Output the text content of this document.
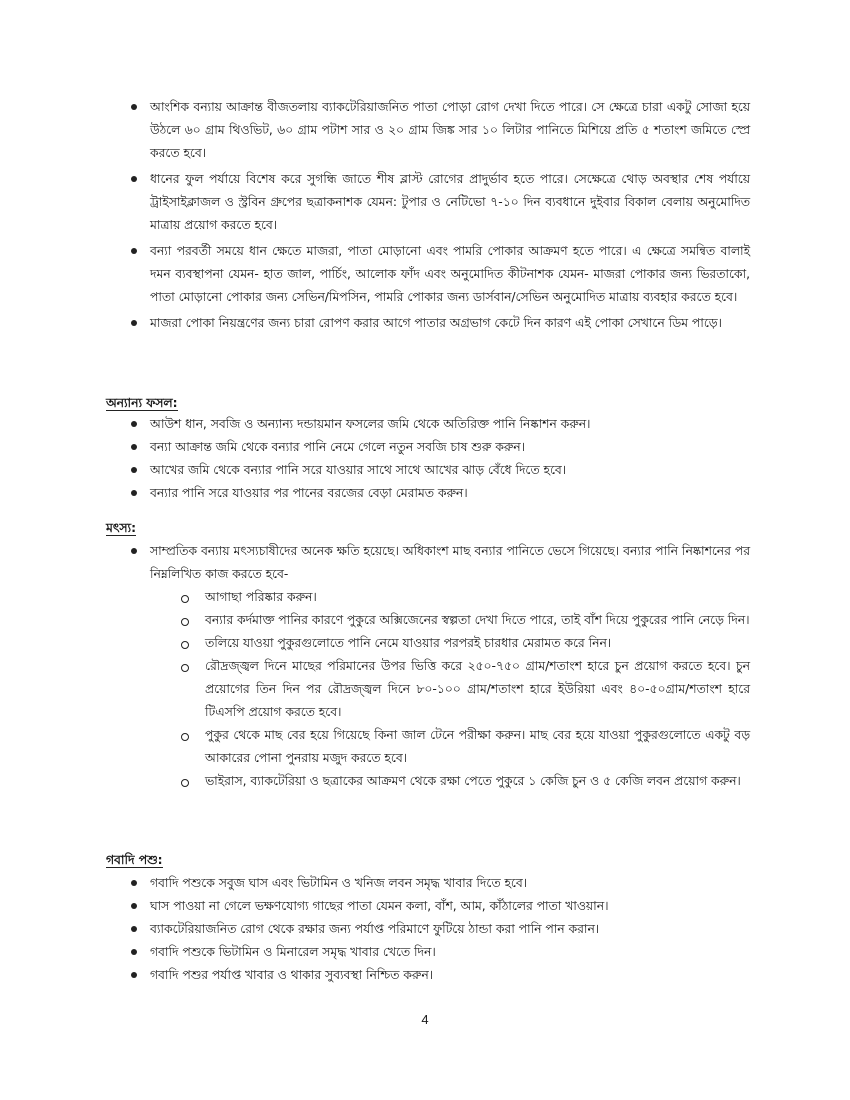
আংশিক বন্যায় আক্রান্ত বীজতলায় ব্যাকটেরিয়াজনিত পাতা পোড়া রোগ দেখা দিতে পারে। সে ক্ষেত্রে চারা একটু সোজা হয়ে উঠলে ৬০ গ্রাম থিওভিট, ৬০ গ্রাম পটাশ সার ও ২০ গ্রাম জিঙ্ক সার ১০ লিটার পানিতে মিশিয়ে প্রতি ৫ শতাংশ জমিতে স্প্রে করতে হবে।
ধানের ফুল পর্যায়ে বিশেষ করে সুগন্ধি জাতে শীষ ব্লাস্ট রোগের প্রাদুর্ভাব হতে পারে। সেক্ষেত্রে থোড় অবস্থার শেষ পর্যায়ে ট্রাইসাইক্লাজল ও স্ট্রবিন গ্রুপের ছত্রাকনাশক যেমন: টুপার ও নেটিভো ৭-১০ দিন ব্যবধানে দুইবার বিকাল বেলায় অনুমোদিত মাত্রায় প্রয়োগ করতে হবে।
বন্যা পরবর্তী সময়ে ধান ক্ষেতে মাজরা, পাতা মোড়ানো এবং পামরি পোকার আক্রমণ হতে পারে। এ ক্ষেত্রে সমন্বিত বালাই দমন ব্যবস্থাপনা যেমন- হাত জাল, পার্চিং, আলোক ফাঁদ এবং অনুমোদিত কীটনাশক যেমন- মাজরা পোকার জন্য ভিরতাকো, পাতা মোড়ানো পোকার জন্য সেভিন/মিপসিন, পামরি পোকার জন্য ডার্সবান/সেভিন অনুমোদিত মাত্রায় ব্যবহার করতে হবে।
মাজরা পোকা নিয়ন্ত্রণের জন্য চারা রোপণ করার আগে পাতার অগ্রভাগ কেটে দিন কারণ এই পোকা সেখানে ডিম পাড়ে।
অন্যান্য ফসল:
আউশ ধান, সবজি ও অন্যান্য দন্ডায়মান ফসলের জমি থেকে অতিরিক্ত পানি নিষ্কাশন করুন।
বন্যা আক্রান্ত জমি থেকে বন্যার পানি নেমে গেলে নতুন সবজি চাষ শুরু করুন।
আখের জমি থেকে বন্যার পানি সরে যাওয়ার সাথে সাথে আখের ঝাড় বেঁধে দিতে হবে।
বন্যার পানি সরে যাওয়ার পর পানের বরজের বেড়া মেরামত করুন।
মৎস্য:
সাম্প্রতিক বন্যায় মৎস্যচাষীদের অনেক ক্ষতি হয়েছে। অধিকাংশ মাছ বন্যার পানিতে ভেসে গিয়েছে। বন্যার পানি নিষ্কাশনের পর নিম্নলিখিত কাজ করতে হবে-
আগাছা পরিষ্কার করুন।
বন্যার কর্দমাক্ত পানির কারণে পুকুরে অক্সিজেনের স্বল্পতা দেখা দিতে পারে, তাই বাঁশ দিয়ে পুকুরের পানি নেড়ে দিন।
তলিয়ে যাওয়া পুকুরগুলোতে পানি নেমে যাওয়ার পরপরই চারধার মেরামত করে নিন।
রৌদ্রজ্জ্বল দিনে মাছের পরিমানের উপর ভিত্তি করে ২৫০-৭৫০ গ্রাম/শতাংশ হারে চুন প্রয়োগ করতে হবে। চুন প্রয়োগের তিন দিন পর রৌদ্রজ্জ্বল দিনে ৮০-১০০ গ্রাম/শতাংশ হারে ইউরিয়া এবং ৪০-৫০গ্রাম/শতাংশ হারে টিএসপি প্রয়োগ করতে হবে।
পুকুর থেকে মাছ বের হয়ে গিয়েছে কিনা জাল টেনে পরীক্ষা করুন। মাছ বের হয়ে যাওয়া পুকুরগুলোতে একটু বড় আকারের পোনা পুনরায় মজুদ করতে হবে।
ভাইরাস, ব্যাকটেরিয়া ও ছত্রাকের আক্রমণ থেকে রক্ষা পেতে পুকুরে ১ কেজি চুন ও ৫ কেজি লবন প্রয়োগ করুন।
গবাদি পশু:
গবাদি পশুকে সবুজ ঘাস এবং ভিটামিন ও খনিজ লবন সমৃদ্ধ খাবার দিতে হবে।
ঘাস পাওয়া না গেলে ভক্ষণযোগ্য গাছের পাতা যেমন কলা, বাঁশ, আম, কাঁঠালের পাতা খাওয়ান।
ব্যাকটেরিয়াজনিত রোগ থেকে রক্ষার জন্য পর্যাপ্ত পরিমাণে ফুটিয়ে ঠান্ডা করা পানি পান করান।
গবাদি পশুকে ভিটামিন ও মিনারেল সমৃদ্ধ খাবার খেতে দিন।
গবাদি পশুর পর্যাপ্ত খাবার ও থাকার সুব্যবস্থা নিশ্চিত করুন।
4
